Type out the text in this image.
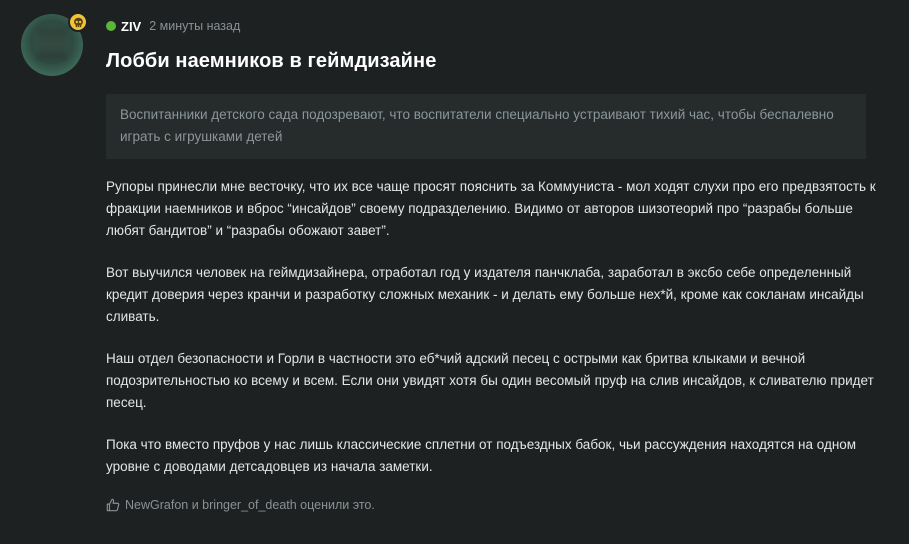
ZIV 2 минуты назад
Лобби наемников в геймдизайне
Воспитанники детского сада подозревают, что воспитатели специально устраивают тихий час, чтобы беспалевно играть с игрушками детей

Рупоры принесли мне весточку, что их все чаще просят пояснить за Коммуниста - мол ходят слухи про его предвзятость к фракции наемников и вброс “инсайдов” своему подразделению. Видимо от авторов шизотеорий про “разрабы больше любят бандитов” и “разрабы обожают завет”.

Вот выучился человек на геймдизайнера, отработал год у издателя панчклаба, заработал в эксбо себе определенный кредит доверия через кранчи и разработку сложных механик - и делать ему больше нех*й, кроме как сокланам инсайды сливать.

Наш отдел безопасности и Горли в частности это еб*чий адский песец с острыми как бритва клыками и вечной подозрительностью ко всему и всем. Если они увидят хотя бы один весомый пруф на слив инсайдов, к сливателю придет песец.

Пока что вместо пруфов у нас лишь классические сплетни от подъездных бабок, чьи рассуждения находятся на одном уровне с доводами детсадовцев из начала заметки.

NewGrafon и bringer_of_death оценили это.
